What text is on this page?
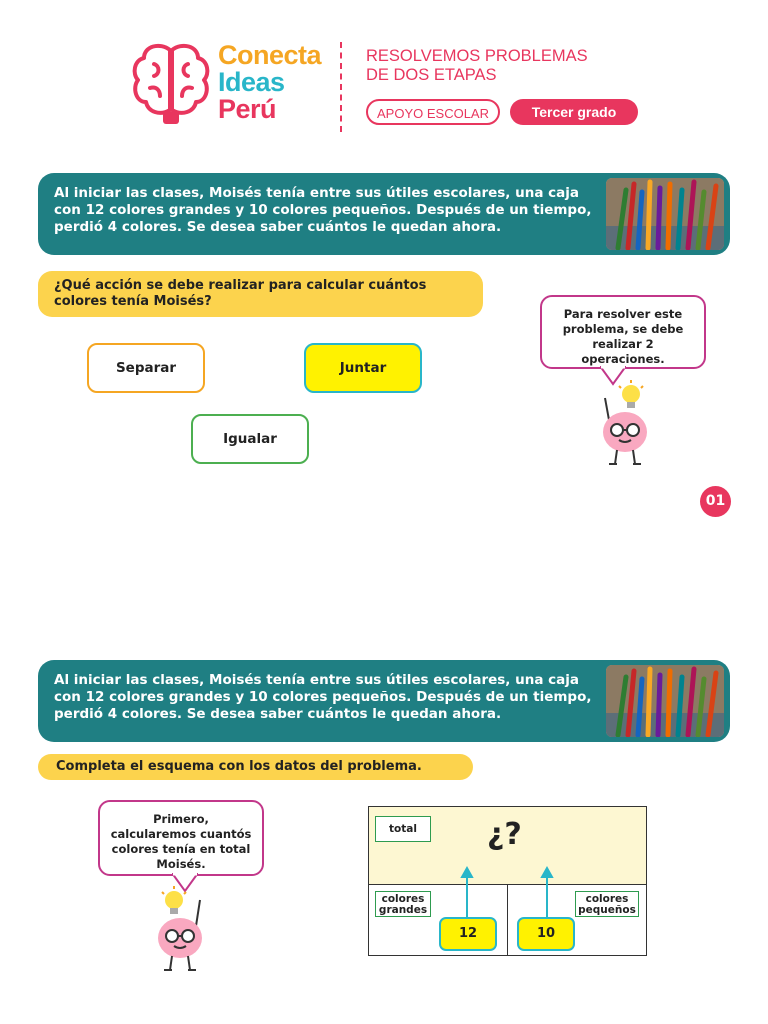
Conecta
Ideas
Perú
RESOLVEMOS PROBLEMAS
DE DOS ETAPAS
APOYO ESCOLAR	Tercer grado
Al iniciar las clases, Moisés tenía entre sus útiles escolares, una caja con 12 colores grandes y 10 colores pequeños. Después de un tiempo, perdió 4 colores. Se desea saber cuántos le quedan ahora.
¿Qué acción se debe realizar para calcular cuántos colores tenía Moisés?
Separar	Juntar
Igualar
Para resolver este problema, se debe realizar 2 operaciones.
01
Al iniciar las clases, Moisés tenía entre sus útiles escolares, una caja con 12 colores grandes y 10 colores pequeños. Después de un tiempo, perdió 4 colores. Se desea saber cuántos le quedan ahora.
Completa el esquema con los datos del problema.
Primero, calcularemos cuantós colores tenía en total Moisés.
total	¿?
colores grandes
colores pequeños
12	10
